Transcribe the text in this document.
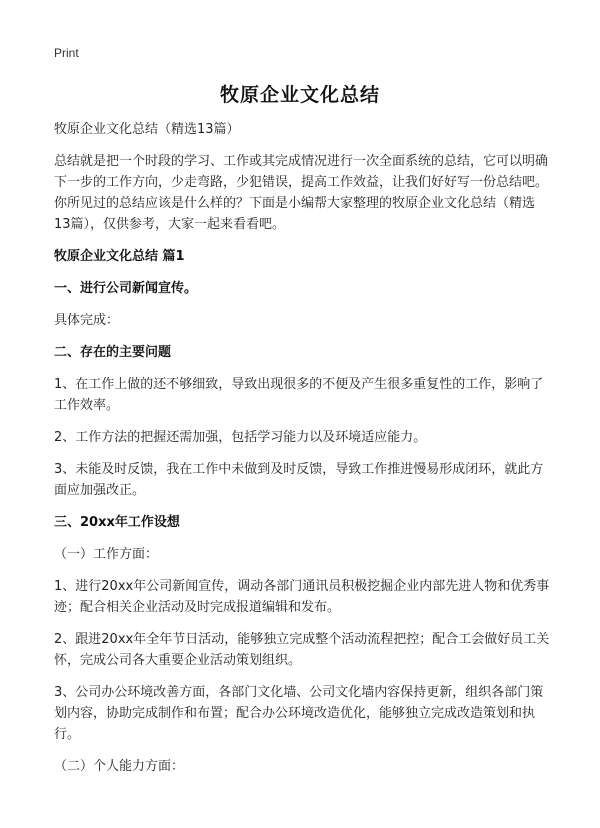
Print
牧原企业文化总结

牧原企业文化总结（精选13篇）

总结就是把一个时段的学习、工作或其完成情况进行一次全面系统的总结，它可以明确下一步的工作方向，少走弯路，少犯错误，提高工作效益，让我们好好写一份总结吧。你所见过的总结应该是什么样的？下面是小编帮大家整理的牧原企业文化总结（精选13篇），仅供参考，大家一起来看看吧。

牧原企业文化总结 篇1

一、进行公司新闻宣传。

具体完成：

二、存在的主要问题

1、在工作上做的还不够细致，导致出现很多的不便及产生很多重复性的工作，影响了工作效率。

2、工作方法的把握还需加强，包括学习能力以及环境适应能力。

3、未能及时反馈，我在工作中未做到及时反馈，导致工作推进慢易形成闭环，就此方面应加强改正。

三、20xx年工作设想

（一）工作方面：

1、进行20xx年公司新闻宣传，调动各部门通讯员积极挖掘企业内部先进人物和优秀事迹；配合相关企业活动及时完成报道编辑和发布。

2、跟进20xx年全年节日活动，能够独立完成整个活动流程把控；配合工会做好员工关怀，完成公司各大重要企业活动策划组织。

3、公司办公环境改善方面，各部门文化墙、公司文化墙内容保持更新，组织各部门策划内容，协助完成制作和布置；配合办公环境改造优化，能够独立完成改造策划和执行。

（二）个人能力方面：
